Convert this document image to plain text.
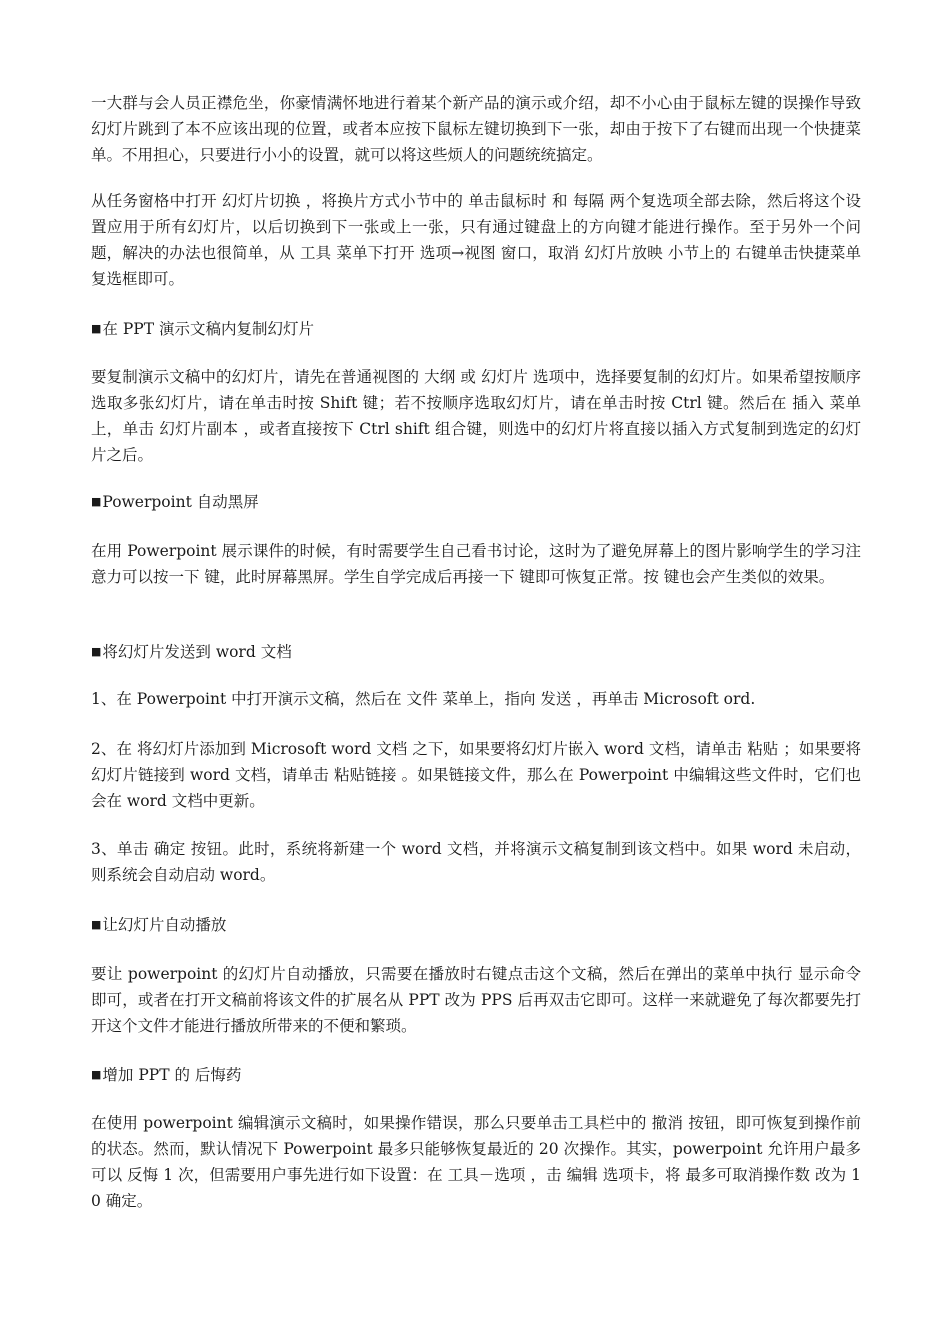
一大群与会人员正襟危坐，你豪情满怀地进行着某个新产品的演示或介绍，却不小心由于鼠标左键的误操作导致幻灯片跳到了本不应该出现的位置，或者本应按下鼠标左键切换到下一张，却由于按下了右键而出现一个快捷菜单。不用担心，只要进行小小的设置，就可以将这些烦人的问题统统搞定。

从任务窗格中打开 幻灯片切换 ，将换片方式小节中的 单击鼠标时 和 每隔 两个复选项全部去除，然后将这个设置应用于所有幻灯片，以后切换到下一张或上一张，只有通过键盘上的方向键才能进行操作。至于另外一个问题，解决的办法也很简单，从 工具 菜单下打开 选项→视图 窗口，取消 幻灯片放映 小节上的 右键单击快捷菜单 复选框即可。

■在 PPT 演示文稿内复制幻灯片

要复制演示文稿中的幻灯片，请先在普通视图的 大纲 或 幻灯片 选项中，选择要复制的幻灯片。如果希望按顺序选取多张幻灯片，请在单击时按 Shift 键；若不按顺序选取幻灯片，请在单击时按 Ctrl 键。然后在 插入 菜单上，单击 幻灯片副本 ，或者直接按下 Ctrl shift 组合键，则选中的幻灯片将直接以插入方式复制到选定的幻灯片之后。

■Powerpoint 自动黑屏

在用 Powerpoint 展示课件的时候，有时需要学生自己看书讨论，这时为了避免屏幕上的图片影响学生的学习注意力可以按一下 键，此时屏幕黑屏。学生自学完成后再接一下 键即可恢复正常。按 键也会产生类似的效果。

■将幻灯片发送到 word 文档

1、在 Powerpoint 中打开演示文稿，然后在 文件 菜单上，指向 发送 ，再单击 Microsoft ord.

2、在 将幻灯片添加到 Microsoft word 文档 之下，如果要将幻灯片嵌入 word 文档，请单击 粘贴 ；如果要将幻灯片链接到 word 文档，请单击 粘贴链接 。如果链接文件，那么在 Powerpoint 中编辑这些文件时，它们也会在 word 文档中更新。

3、单击 确定 按钮。此时，系统将新建一个 word 文档，并将演示文稿复制到该文档中。如果 word 未启动，则系统会自动启动 word。

■让幻灯片自动播放

要让 powerpoint 的幻灯片自动播放，只需要在播放时右键点击这个文稿，然后在弹出的菜单中执行 显示命令即可，或者在打开文稿前将该文件的扩展名从 PPT 改为 PPS 后再双击它即可。这样一来就避免了每次都要先打开这个文件才能进行播放所带来的不便和繁琐。

■增加 PPT 的 后悔药

在使用 powerpoint 编辑演示文稿时，如果操作错误，那么只要单击工具栏中的 撤消 按钮，即可恢复到操作前的状态。然而，默认情况下 Powerpoint 最多只能够恢复最近的 20 次操作。其实，powerpoint 允许用户最多可以 反悔 1 次，但需要用户事先进行如下设置：在 工具－选项 ，击 编辑 选项卡，将 最多可取消操作数 改为 1 0 确定。
